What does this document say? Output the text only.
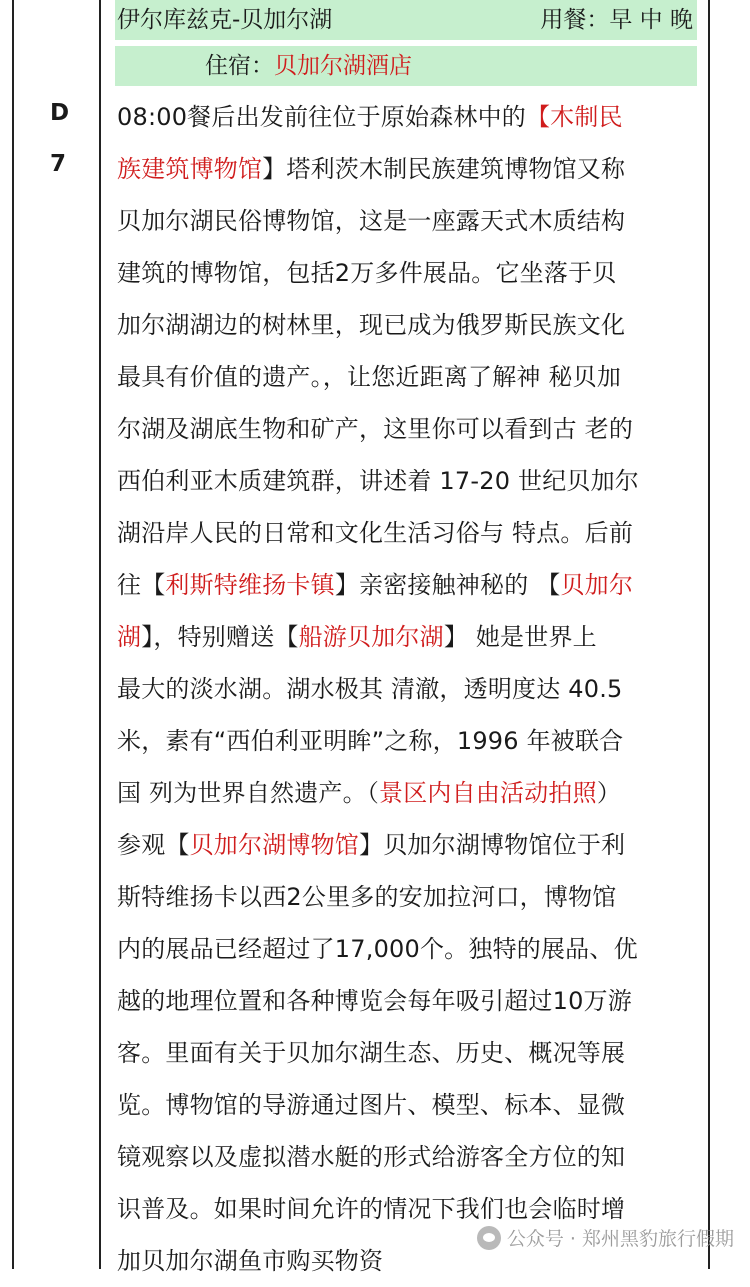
伊尔库兹克-贝加尔湖	用餐：早 中 晚
住宿：贝加尔湖酒店
D
7
08:00餐后出发前往位于原始森林中的【木制民
族建筑博物馆】塔利茨木制民族建筑博物馆又称
贝加尔湖民俗博物馆，这是一座露天式木质结构
建筑的博物馆，包括2万多件展品。它坐落于贝
加尔湖湖边的树林里，现已成为俄罗斯民族文化
最具有价值的遗产。，让您近距离了解神 秘贝加
尔湖及湖底生物和矿产，这里你可以看到古 老的
西伯利亚木质建筑群，讲述着 17-20 世纪贝加尔
湖沿岸人民的日常和文化生活习俗与 特点。后前
往【利斯特维扬卡镇】亲密接触神秘的 【贝加尔
湖】，特别赠送【船游贝加尔湖】 她是世界上
最大的淡水湖。湖水极其 清澈，透明度达 40.5
米，素有“西伯利亚明眸”之称，1996 年被联合
国 列为世界自然遗产。（景区内自由活动拍照）
参观【贝加尔湖博物馆】贝加尔湖博物馆位于利
斯特维扬卡以西2公里多的安加拉河口，博物馆
内的展品已经超过了17,000个。独特的展品、优
越的地理位置和各种博览会每年吸引超过10万游
客。里面有关于贝加尔湖生态、历史、概况等展
览。博物馆的导游通过图片、模型、标本、显微
镜观察以及虚拟潜水艇的形式给游客全方位的知
识普及。如果时间允许的情况下我们也会临时增
加贝加尔湖鱼市购买物资
公众号 · 郑州黑豹旅行假期
